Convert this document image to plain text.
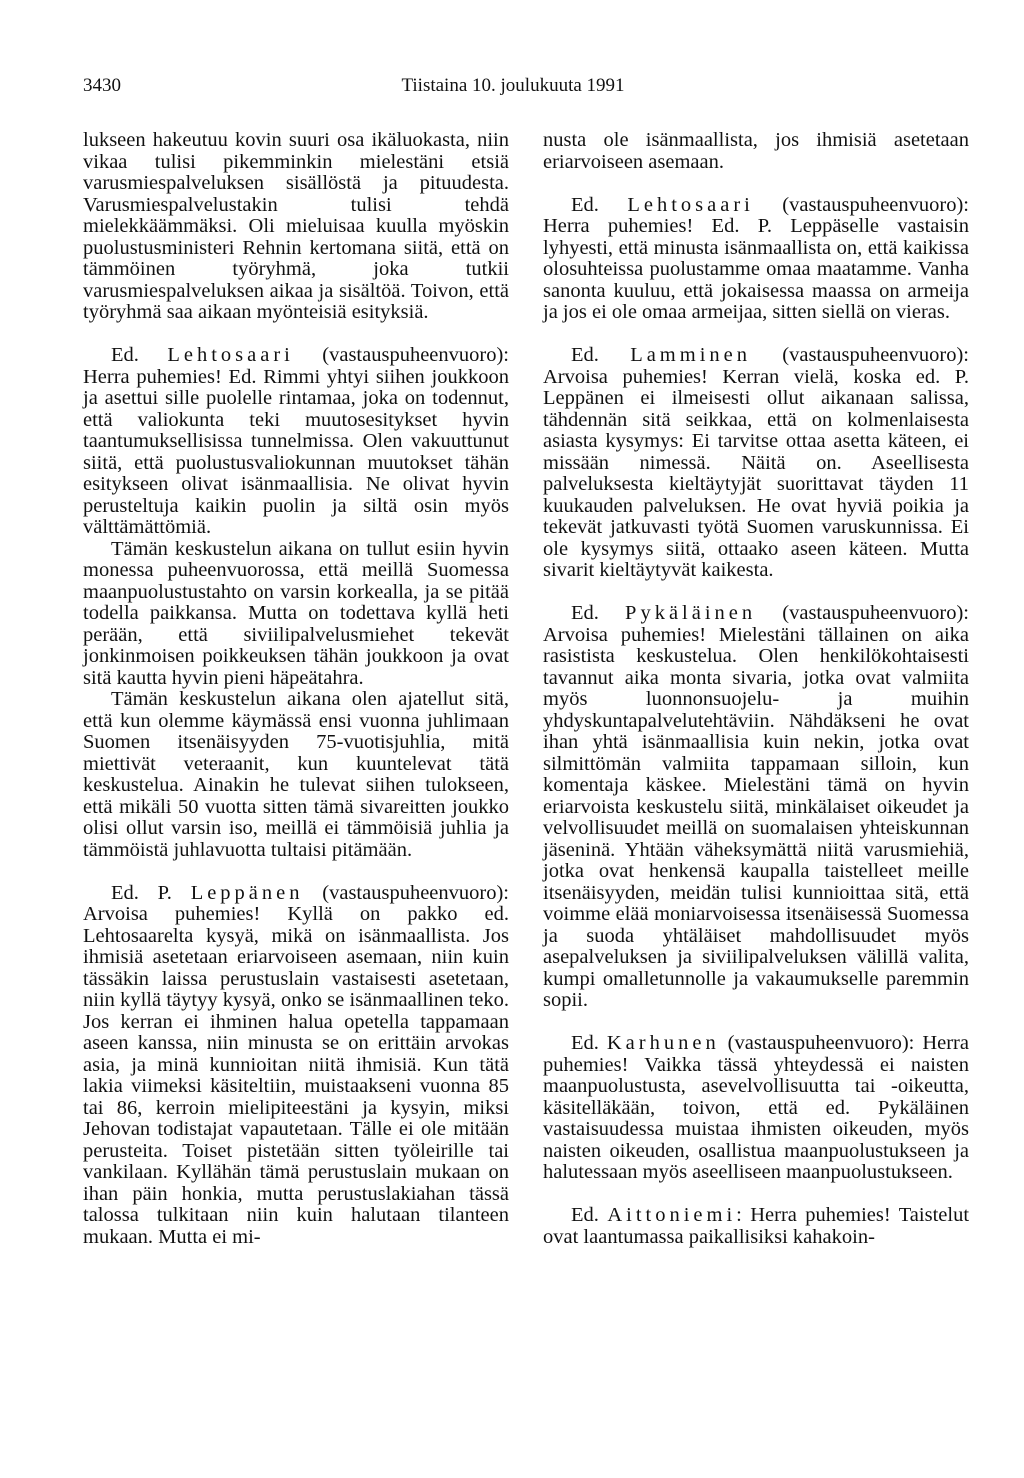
3430	Tiistaina 10. joulukuuta 1991

lukseen hakeutuu kovin suuri osa ikäluokasta, niin vikaa tulisi pikemminkin mielestäni etsiä varusmiespalveluksen sisällöstä ja pituudesta. Varusmiespalvelustakin tulisi tehdä mielekkäämmäksi. Oli mieluisaa kuulla myöskin puolustusministeri Rehnin kertomana siitä, että on tämmöinen työryhmä, joka tutkii varusmiespalveluksen aikaa ja sisältöä. Toivon, että työryhmä saa aikaan myönteisiä esityksiä.

Ed. Lehtosaari (vastauspuheenvuoro): Herra puhemies! Ed. Rimmi yhtyi siihen joukkoon ja asettui sille puolelle rintamaa, joka on todennut, että valiokunta teki muutosesitykset hyvin taantumuksellisissa tunnelmissa. Olen vakuuttunut siitä, että puolustusvaliokunnan muutokset tähän esitykseen olivat isänmaallisia. Ne olivat hyvin perusteltuja kaikin puolin ja siltä osin myös välttämättömiä.

Tämän keskustelun aikana on tullut esiin hyvin monessa puheenvuorossa, että meillä Suomessa maanpuolustustahto on varsin korkealla, ja se pitää todella paikkansa. Mutta on todettava kyllä heti perään, että siviilipalvelusmiehet tekevät jonkinmoisen poikkeuksen tähän joukkoon ja ovat sitä kautta hyvin pieni häpeätahra.

Tämän keskustelun aikana olen ajatellut sitä, että kun olemme käymässä ensi vuonna juhlimaan Suomen itsenäisyyden 75-vuotisjuhlia, mitä miettivät veteraanit, kun kuuntelevat tätä keskustelua. Ainakin he tulevat siihen tulokseen, että mikäli 50 vuotta sitten tämä sivareitten joukko olisi ollut varsin iso, meillä ei tämmöisiä juhlia ja tämmöistä juhlavuotta tultaisi pitämään.

Ed. P. Leppänen (vastauspuheenvuoro): Arvoisa puhemies! Kyllä on pakko ed. Lehtosaarelta kysyä, mikä on isänmaallista. Jos ihmisiä asetetaan eriarvoiseen asemaan, niin kuin tässäkin laissa perustuslain vastaisesti asetetaan, niin kyllä täytyy kysyä, onko se isänmaallinen teko. Jos kerran ei ihminen halua opetella tappamaan aseen kanssa, niin minusta se on erittäin arvokas asia, ja minä kunnioitan niitä ihmisiä. Kun tätä lakia viimeksi käsiteltiin, muistaakseni vuonna 85 tai 86, kerroin mielipiteestäni ja kysyin, miksi Jehovan todistajat vapautetaan. Tälle ei ole mitään perusteita. Toiset pistetään sitten työleirille tai vankilaan. Kyllähän tämä perustuslain mukaan on ihan päin honkia, mutta perustuslakiahan tässä talossa tulkitaan niin kuin halutaan tilanteen mukaan. Mutta ei mi-

nusta ole isänmaallista, jos ihmisiä asetetaan eriarvoiseen asemaan.

Ed. Lehtosaari (vastauspuheenvuoro): Herra puhemies! Ed. P. Leppäselle vastaisin lyhyesti, että minusta isänmaallista on, että kaikissa olosuhteissa puolustamme omaa maatamme. Vanha sanonta kuuluu, että jokaisessa maassa on armeija ja jos ei ole omaa armeijaa, sitten siellä on vieras.

Ed. Lamminen (vastauspuheenvuoro): Arvoisa puhemies! Kerran vielä, koska ed. P. Leppänen ei ilmeisesti ollut aikanaan salissa, tähdennän sitä seikkaa, että on kolmenlaisesta asiasta kysymys: Ei tarvitse ottaa asetta käteen, ei missään nimessä. Näitä on. Aseellisesta palveluksesta kieltäytyjät suorittavat täyden 11 kuukauden palveluksen. He ovat hyviä poikia ja tekevät jatkuvasti työtä Suomen varuskunnissa. Ei ole kysymys siitä, ottaako aseen käteen. Mutta sivarit kieltäytyvät kaikesta.

Ed. Pykäläinen (vastauspuheenvuoro): Arvoisa puhemies! Mielestäni tällainen on aika rasistista keskustelua. Olen henkilökohtaisesti tavannut aika monta sivaria, jotka ovat valmiita myös luonnonsuojelu- ja muihin yhdyskuntapalvelutehtäviin. Nähdäkseni he ovat ihan yhtä isänmaallisia kuin nekin, jotka ovat silmittömän valmiita tappamaan silloin, kun komentaja käskee. Mielestäni tämä on hyvin eriarvoista keskustelu siitä, minkälaiset oikeudet ja velvollisuudet meillä on suomalaisen yhteiskunnan jäseninä. Yhtään väheksymättä niitä varusmiehiä, jotka ovat henkensä kaupalla taistelleet meille itsenäisyyden, meidän tulisi kunnioittaa sitä, että voimme elää moniarvoisessa itsenäisessä Suomessa ja suoda yhtäläiset mahdollisuudet myös asepalveluksen ja siviilipalveluksen välillä valita, kumpi omalletunnolle ja vakaumukselle paremmin sopii.

Ed. Karhunen (vastauspuheenvuoro): Herra puhemies! Vaikka tässä yhteydessä ei naisten maanpuolustusta, asevelvollisuutta tai -oikeutta, käsitelläkään, toivon, että ed. Pykäläinen vastaisuudessa muistaa ihmisten oikeuden, myös naisten oikeuden, osallistua maanpuolustukseen ja halutessaan myös aseelliseen maanpuolustukseen.

Ed. Aittoniemi: Herra puhemies! Taistelut ovat laantumassa paikallisiksi kahakoin-
